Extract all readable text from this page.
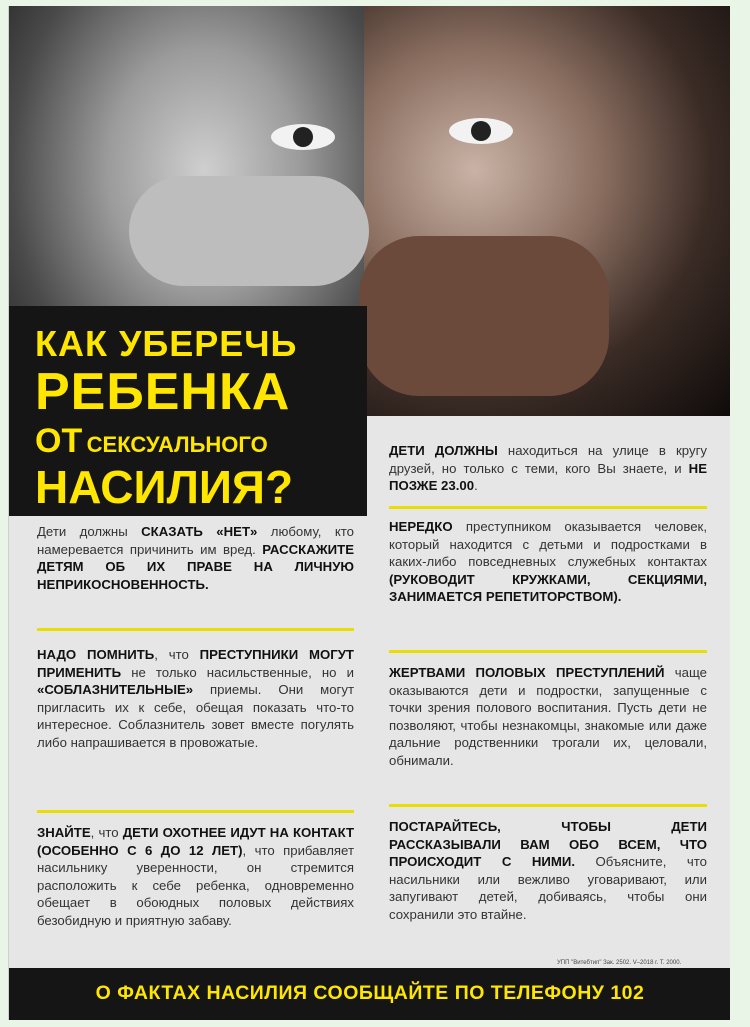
КАК УБЕРЕЧЬ
РЕБЕНКА
ОТ СЕКСУАЛЬНОГО
НАСИЛИЯ?
Дети должны СКАЗАТЬ «НЕТ» любому, кто намеревается причинить им вред. РАССКАЖИТЕ ДЕТЯМ ОБ ИХ ПРАВЕ НА ЛИЧНУЮ НЕПРИКОСНОВЕННОСТЬ.
НАДО ПОМНИТЬ, что ПРЕСТУПНИКИ МОГУТ ПРИМЕНИТЬ не только насильственные, но и «СОБЛАЗНИТЕЛЬНЫЕ» приемы. Они могут пригласить их к себе, обещая показать что-то интересное. Соблазнитель зовет вместе погулять либо напрашивается в провожатые.
ЗНАЙТЕ, что ДЕТИ ОХОТНЕЕ ИДУТ НА КОНТАКТ (ОСОБЕННО С 6 ДО 12 ЛЕТ), что прибавляет насильнику уверенности, он стремится расположить к себе ребенка, одновременно обещает в обоюдных половых действиях безобидную и приятную забаву.
ДЕТИ ДОЛЖНЫ находиться на улице в кругу друзей, но только с теми, кого Вы знаете, и НЕ ПОЗЖЕ 23.00.
НЕРЕДКО преступником оказывается человек, который находится с детьми и подростками в каких-либо повседневных служебных контактах (РУКОВОДИТ КРУЖКАМИ, СЕКЦИЯМИ, ЗАНИМАЕТСЯ РЕПЕТИТОРСТВОМ).
ЖЕРТВАМИ ПОЛОВЫХ ПРЕСТУПЛЕНИЙ чаще оказываются дети и подростки, запущенные с точки зрения полового воспитания. Пусть дети не позволяют, чтобы незнакомцы, знакомые или даже дальние родственники трогали их, целовали, обнимали.
ПОСТАРАЙТЕСЬ, ЧТОБЫ ДЕТИ РАССКАЗЫВАЛИ ВАМ ОБО ВСЕМ, ЧТО ПРОИСХОДИТ С НИМИ. Объясните, что насильники или вежливо уговаривают, или запугивают детей, добиваясь, чтобы они сохранили это втайне.
УПП "Витебтип" Зак. 2502. V–2018 г. Т. 2000.
О ФАКТАХ НАСИЛИЯ СООБЩАЙТЕ ПО ТЕЛЕФОНУ 102
